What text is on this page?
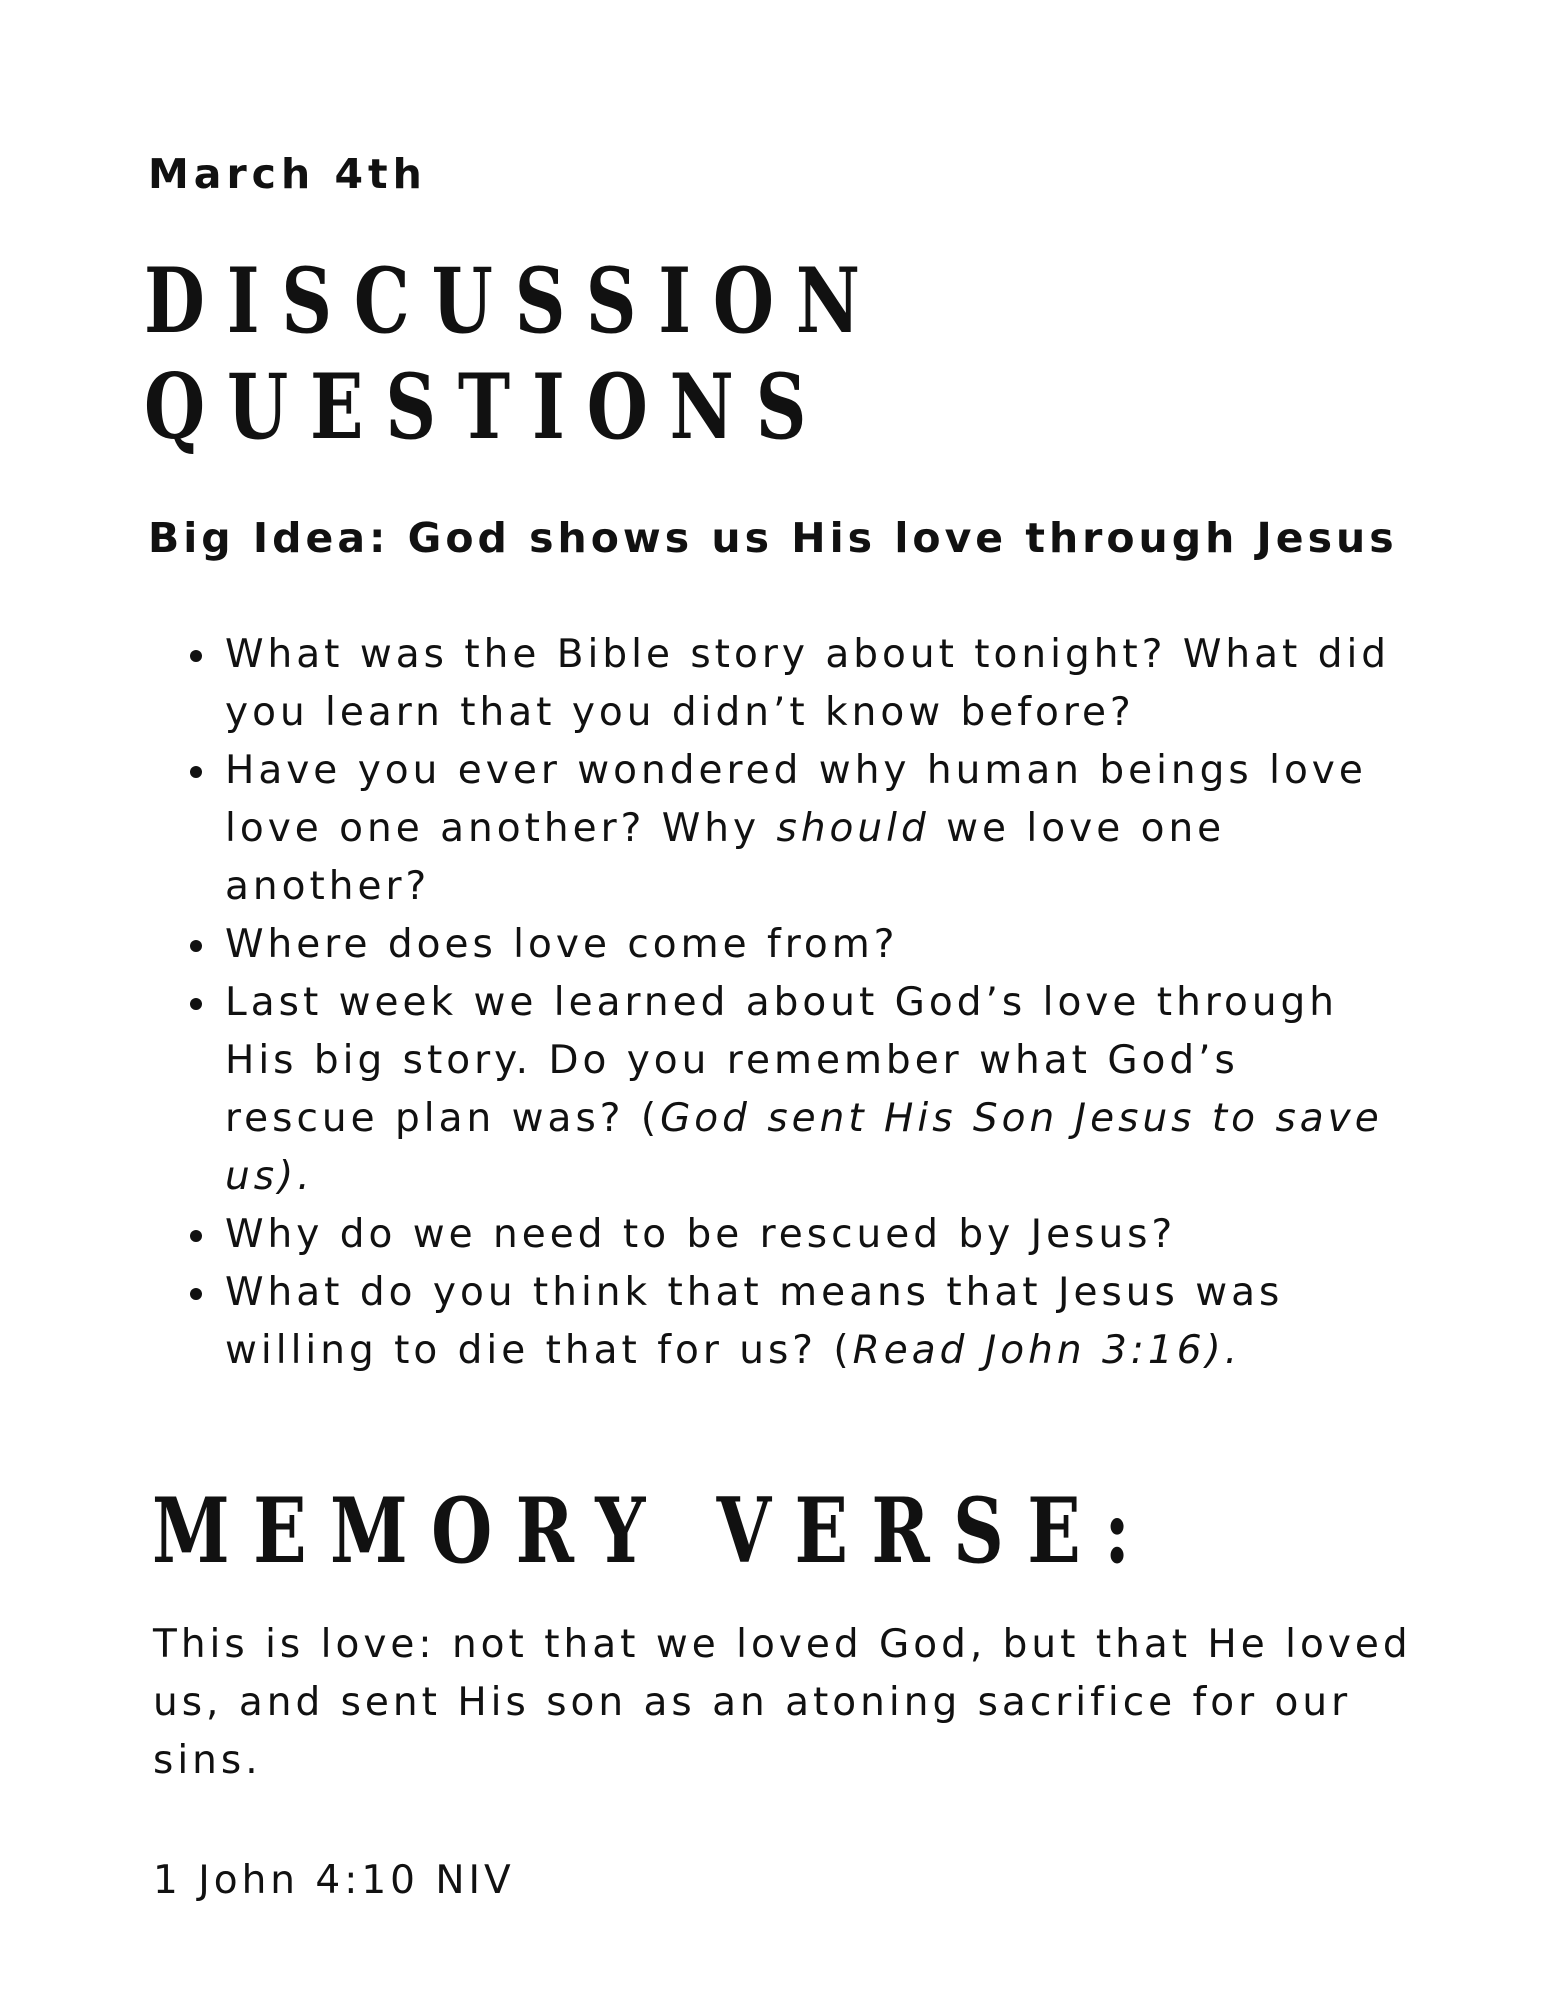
March 4th

DISCUSSION
QUESTIONS

Big Idea: God shows us His love through Jesus

What was the Bible story about tonight? What did you learn that you didn’t know before?
Have you ever wondered why human beings love love one another? Why should we love one another?
Where does love come from?
Last week we learned about God’s love through His big story. Do you remember what God’s rescue plan was? (God sent His Son Jesus to save us).
Why do we need to be rescued by Jesus?
What do you think that means that Jesus was willing to die that for us? (Read John 3:16).
MEMORY VERSE:

This is love: not that we loved God, but that He loved us, and sent His son as an atoning sacrifice for our sins.

1 John 4:10 NIV
